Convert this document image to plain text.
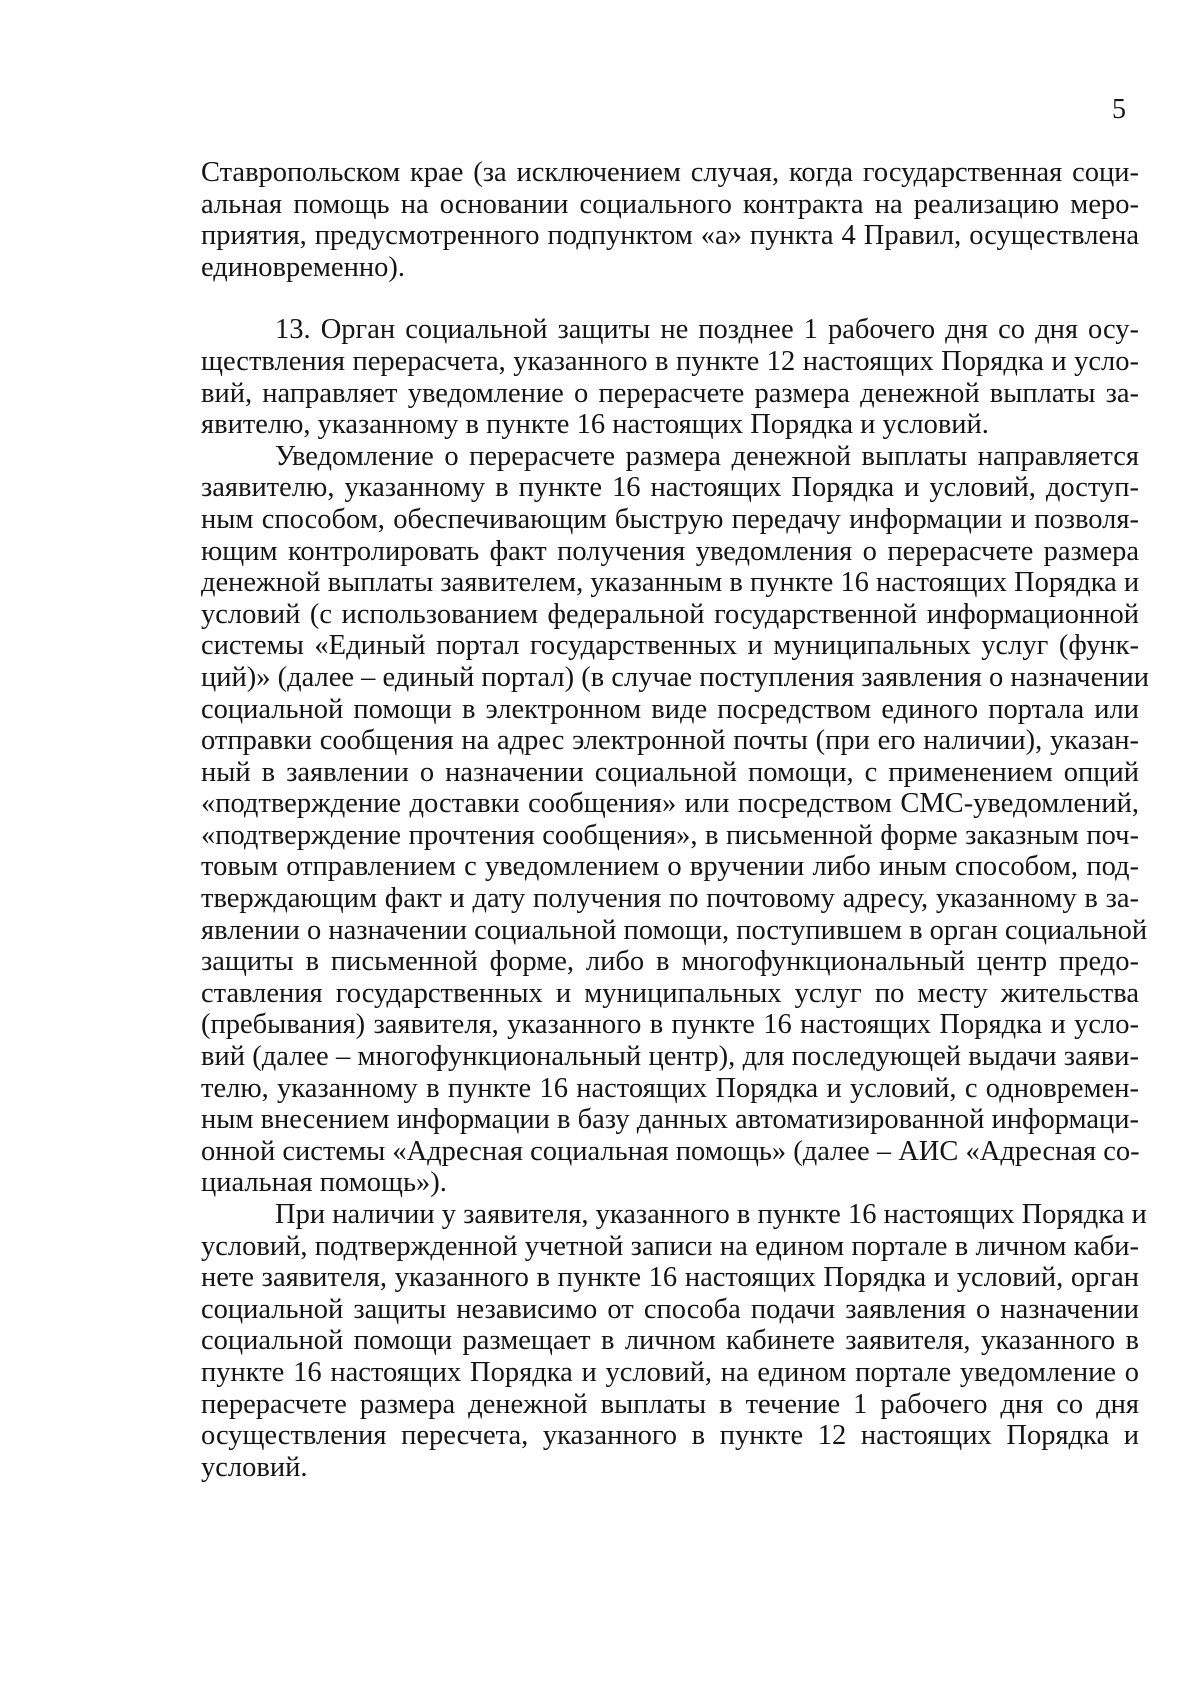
5

Ставропольском крае (за исключением случая, когда государственная соци-
альная помощь на основании социального контракта на реализацию меро-
приятия, предусмотренного подпунктом «а» пункта 4 Правил, осуществлена
единовременно).

13. Орган социальной защиты не позднее 1 рабочего дня со дня осу-
ществления перерасчета, указанного в пункте 12 настоящих Порядка и усло-
вий, направляет уведомление о перерасчете размера денежной выплаты за-
явителю, указанному в пункте 16 настоящих Порядка и условий.

Уведомление о перерасчете размера денежной выплаты направляется
заявителю, указанному в пункте 16 настоящих Порядка и условий, доступ-
ным способом, обеспечивающим быструю передачу информации и позволя-
ющим контролировать факт получения уведомления о перерасчете размера
денежной выплаты заявителем, указанным в пункте 16 настоящих Порядка и
условий (с использованием федеральной государственной информационной
системы «Единый портал государственных и муниципальных услуг (функ-
ций)» (далее – единый портал) (в случае поступления заявления о назначении
социальной помощи в электронном виде посредством единого портала или
отправки сообщения на адрес электронной почты (при его наличии), указан-
ный в заявлении о назначении социальной помощи, с применением опций
«подтверждение доставки сообщения» или посредством СМС-уведомлений,
«подтверждение прочтения сообщения», в письменной форме заказным поч-
товым отправлением с уведомлением о вручении либо иным способом, под-
тверждающим факт и дату получения по почтовому адресу, указанному в за-
явлении о назначении социальной помощи, поступившем в орган социальной
защиты в письменной форме, либо в многофункциональный центр предо-
ставления государственных и муниципальных услуг по месту жительства
(пребывания) заявителя, указанного в пункте 16 настоящих Порядка и усло-
вий (далее – многофункциональный центр), для последующей выдачи заяви-
телю, указанному в пункте 16 настоящих Порядка и условий, с одновремен-
ным внесением информации в базу данных автоматизированной информаци-
онной системы «Адресная социальная помощь» (далее – АИС «Адресная со-
циальная помощь»).

При наличии у заявителя, указанного в пункте 16 настоящих Порядка и
условий, подтвержденной учетной записи на едином портале в личном каби-
нете заявителя, указанного в пункте 16 настоящих Порядка и условий, орган
социальной защиты независимо от способа подачи заявления о назначении
социальной помощи размещает в личном кабинете заявителя, указанного в
пункте 16 настоящих Порядка и условий, на едином портале уведомление о
перерасчете размера денежной выплаты в течение 1 рабочего дня со дня
осуществления пересчета, указанного в пункте 12 настоящих Порядка и
условий.
